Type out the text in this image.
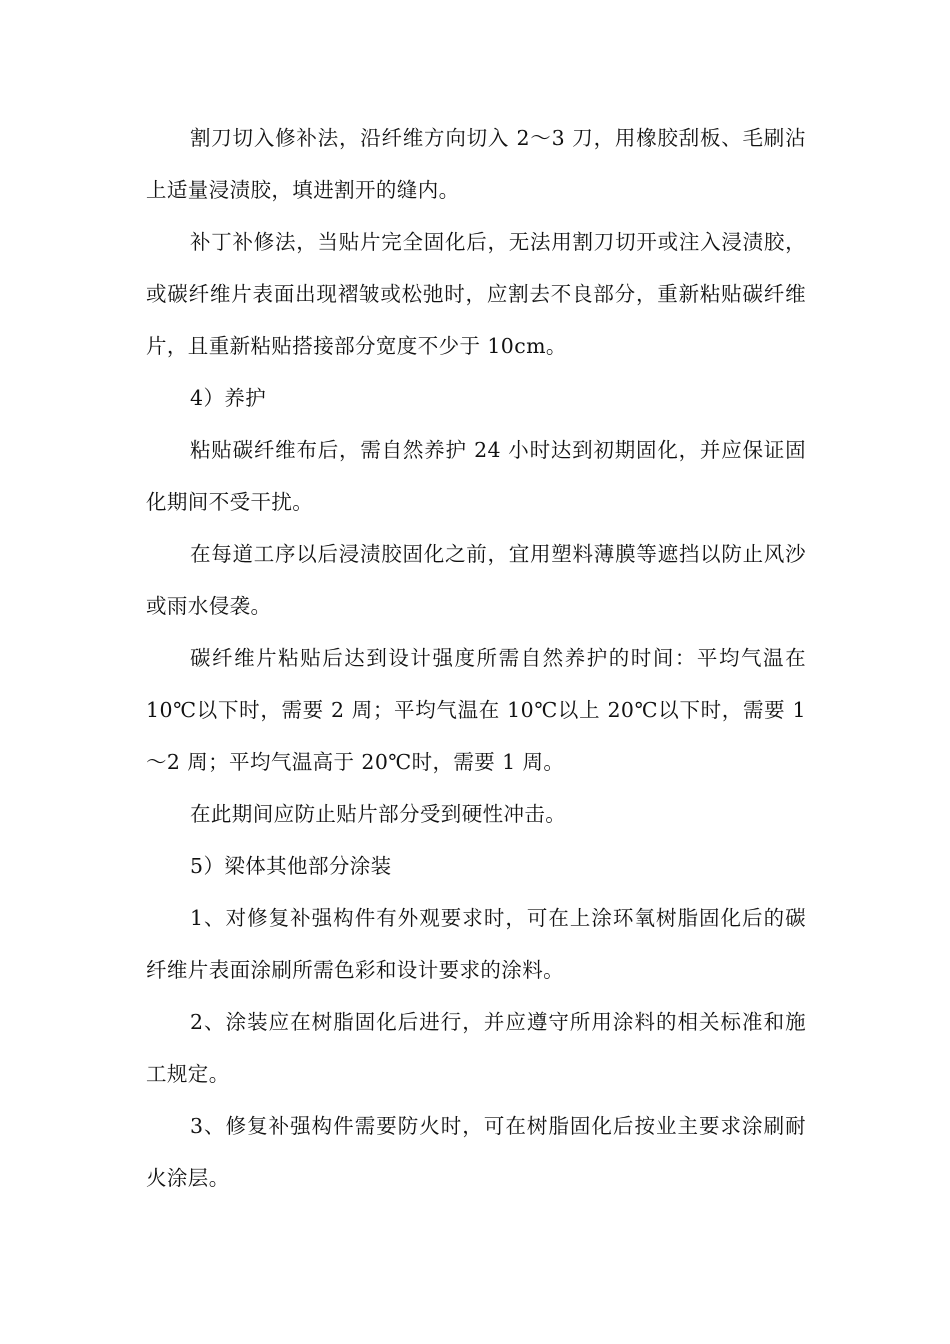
割刀切入修补法，沿纤维方向切入 2～3 刀，用橡胶刮板、毛刷沾上适量浸渍胶，填进割开的缝内。

补丁补修法，当贴片完全固化后，无法用割刀切开或注入浸渍胶，或碳纤维片表面出现褶皱或松弛时，应割去不良部分，重新粘贴碳纤维片，且重新粘贴搭接部分宽度不少于 10cm。

4）养护

粘贴碳纤维布后，需自然养护 24 小时达到初期固化，并应保证固化期间不受干扰。

在每道工序以后浸渍胶固化之前，宜用塑料薄膜等遮挡以防止风沙或雨水侵袭。

碳纤维片粘贴后达到设计强度所需自然养护的时间：平均气温在 10℃以下时，需要 2 周；平均气温在 10℃以上 20℃以下时，需要 1～2 周；平均气温高于 20℃时，需要 1 周。

在此期间应防止贴片部分受到硬性冲击。

5）梁体其他部分涂装

1、对修复补强构件有外观要求时，可在上涂环氧树脂固化后的碳纤维片表面涂刷所需色彩和设计要求的涂料。

2、涂装应在树脂固化后进行，并应遵守所用涂料的相关标准和施工规定。

3、修复补强构件需要防火时，可在树脂固化后按业主要求涂刷耐火涂层。
